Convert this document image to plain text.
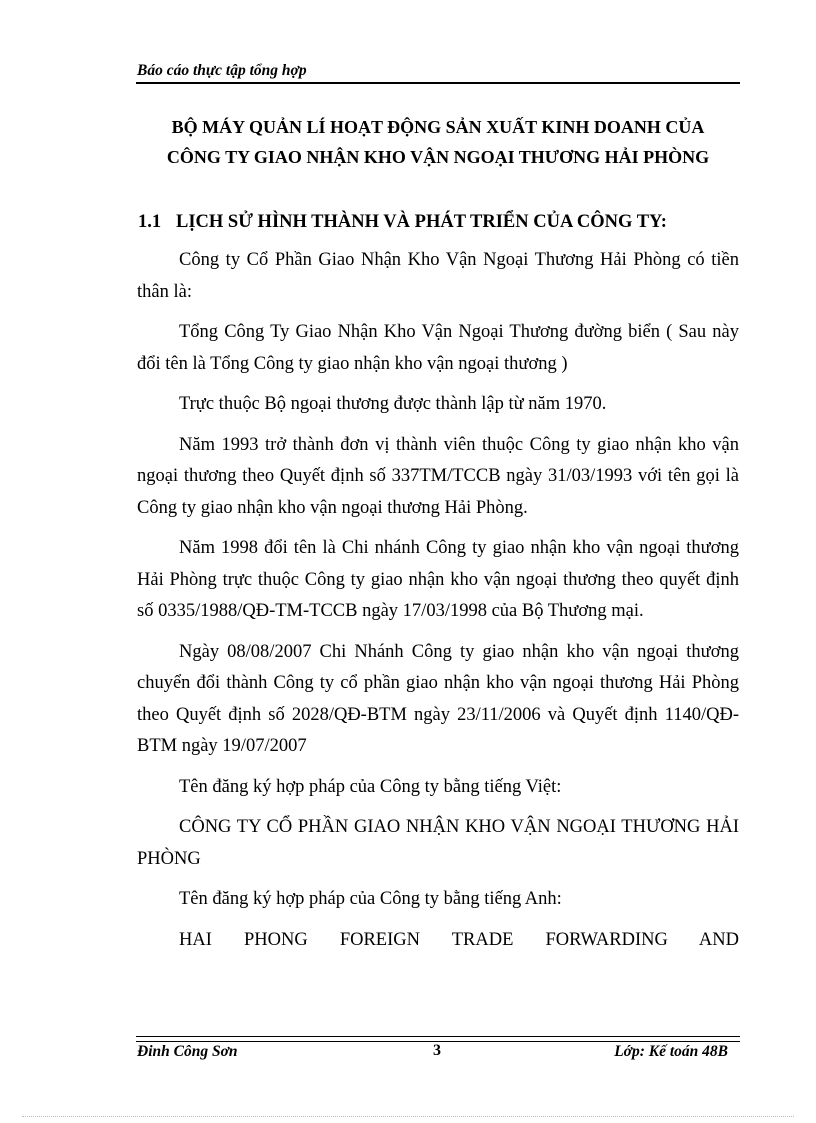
Báo cáo thực tập tổng hợp
BỘ MÁY QUẢN LÍ HOẠT ĐỘNG SẢN XUẤT KINH DOANH CỦA
CÔNG TY GIAO NHẬN KHO VẬN NGOẠI THƯƠNG HẢI PHÒNG
1.1 LỊCH SỬ HÌNH THÀNH VÀ PHÁT TRIỂN CỦA CÔNG TY:

Công ty Cổ Phần Giao Nhận Kho Vận Ngoại Thương Hải Phòng có tiền thân là:

Tổng Công Ty Giao Nhận Kho Vận Ngoại Thương đường biển ( Sau này đổi tên là Tổng Công ty giao nhận kho vận ngoại thương )

Trực thuộc Bộ ngoại thương được thành lập từ năm 1970.

Năm 1993 trở thành đơn vị thành viên thuộc Công ty giao nhận kho vận ngoại thương theo Quyết định số 337TM/TCCB ngày 31/03/1993 với tên gọi là Công ty giao nhận kho vận ngoại thương Hải Phòng.

Năm 1998 đổi tên là Chi nhánh Công ty giao nhận kho vận ngoại thương Hải Phòng trực thuộc Công ty giao nhận kho vận ngoại thương theo quyết định số 0335/1988/QĐ-TM-TCCB ngày 17/03/1998 của Bộ Thương mại.

Ngày 08/08/2007 Chi Nhánh Công ty giao nhận kho vận ngoại thương chuyển đổi thành Công ty cổ phần giao nhận kho vận ngoại thương Hải Phòng theo Quyết định số 2028/QĐ-BTM ngày 23/11/2006 và Quyết định 1140/QĐ-BTM ngày 19/07/2007

Tên đăng ký hợp pháp của Công ty bằng tiếng Việt:

CÔNG TY CỔ PHẦN GIAO NHẬN KHO VẬN NGOẠI THƯƠNG HẢI PHÒNG

Tên đăng ký hợp pháp của Công ty bằng tiếng Anh:

HAI PHONG FOREIGN TRADE FORWARDING AND

Đinh Công Sơn	3	Lớp: Kế toán 48B
